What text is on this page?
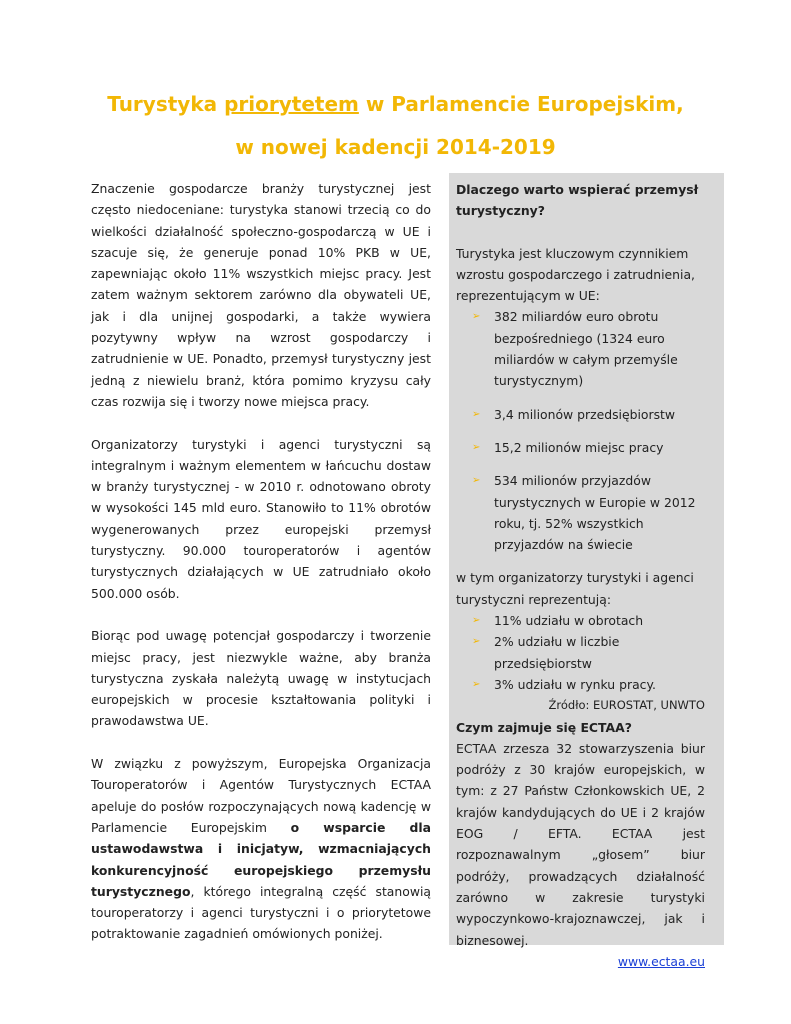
Turystyka priorytetem w Parlamencie Europejskim,
w nowej kadencji 2014-2019

Znaczenie gospodarcze branży turystycznej jest często niedoceniane: turystyka stanowi trzecią co do wielkości działalność społeczno-gospodarczą w UE i szacuje się, że generuje ponad 10% PKB w UE, zapewniając około 11% wszystkich miejsc pracy. Jest zatem ważnym sektorem zarówno dla obywateli UE, jak i dla unijnej gospodarki, a także wywiera pozytywny wpływ na wzrost gospodarczy i zatrudnienie w UE. Ponadto, przemysł turystyczny jest jedną z niewielu branż, która pomimo kryzysu cały czas rozwija się i tworzy nowe miejsca pracy.

Organizatorzy turystyki i agenci turystyczni są integralnym i ważnym elementem w łańcuchu dostaw w branży turystycznej - w 2010 r. odnotowano obroty w wysokości 145 mld euro. Stanowiło to 11% obrotów wygenerowanych przez europejski przemysł turystyczny. 90.000 touroperatorów i agentów turystycznych działających w UE zatrudniało około 500.000 osób.

Biorąc pod uwagę potencjał gospodarczy i tworzenie miejsc pracy, jest niezwykle ważne, aby branża turystyczna zyskała należytą uwagę w instytucjach europejskich w procesie kształtowania polityki i prawodawstwa UE.

W związku z powyższym, Europejska Organizacja Touroperatorów i Agentów Turystycznych ECTAA apeluje do posłów rozpoczynających nową kadencję w Parlamencie Europejskim o wsparcie dla ustawodawstwa i inicjatyw, wzmacniających konkurencyjność europejskiego przemysłu turystycznego, którego integralną część stanowią touroperatorzy i agenci turystyczni i o priorytetowe potraktowanie zagadnień omówionych poniżej.

Dlaczego warto wspierać przemysł turystyczny?

Turystyka jest kluczowym czynnikiem wzrostu gospodarczego i zatrudnienia, reprezentującym w UE:

➢ 382 miliardów euro obrotu bezpośredniego (1324 euro miliardów w całym przemyśle turystycznym)
➢ 3,4 milionów przedsiębiorstw
➢ 15,2 milionów miejsc pracy
➢ 534 milionów przyjazdów turystycznych w Europie w 2012 roku, tj. 52% wszystkich przyjazdów na świecie

w tym organizatorzy turystyki i agenci turystyczni reprezentują:

➢ 11% udziału w obrotach
➢ 2% udziału w liczbie przedsiębiorstw
➢ 3% udziału w rynku pracy.

Źródło: EUROSTAT, UNWTO

Czym zajmuje się ECTAA?

ECTAA zrzesza 32 stowarzyszenia biur podróży z 30 krajów europejskich, w tym: z 27 Państw Członkowskich UE, 2 krajów kandydujących do UE i 2 krajów EOG / EFTA. ECTAA jest rozpoznawalnym „głosem” biur podróży, prowadzących działalność zarówno w zakresie turystyki wypoczynkowo-krajoznawczej, jak i biznesowej.

www.ectaa.eu
